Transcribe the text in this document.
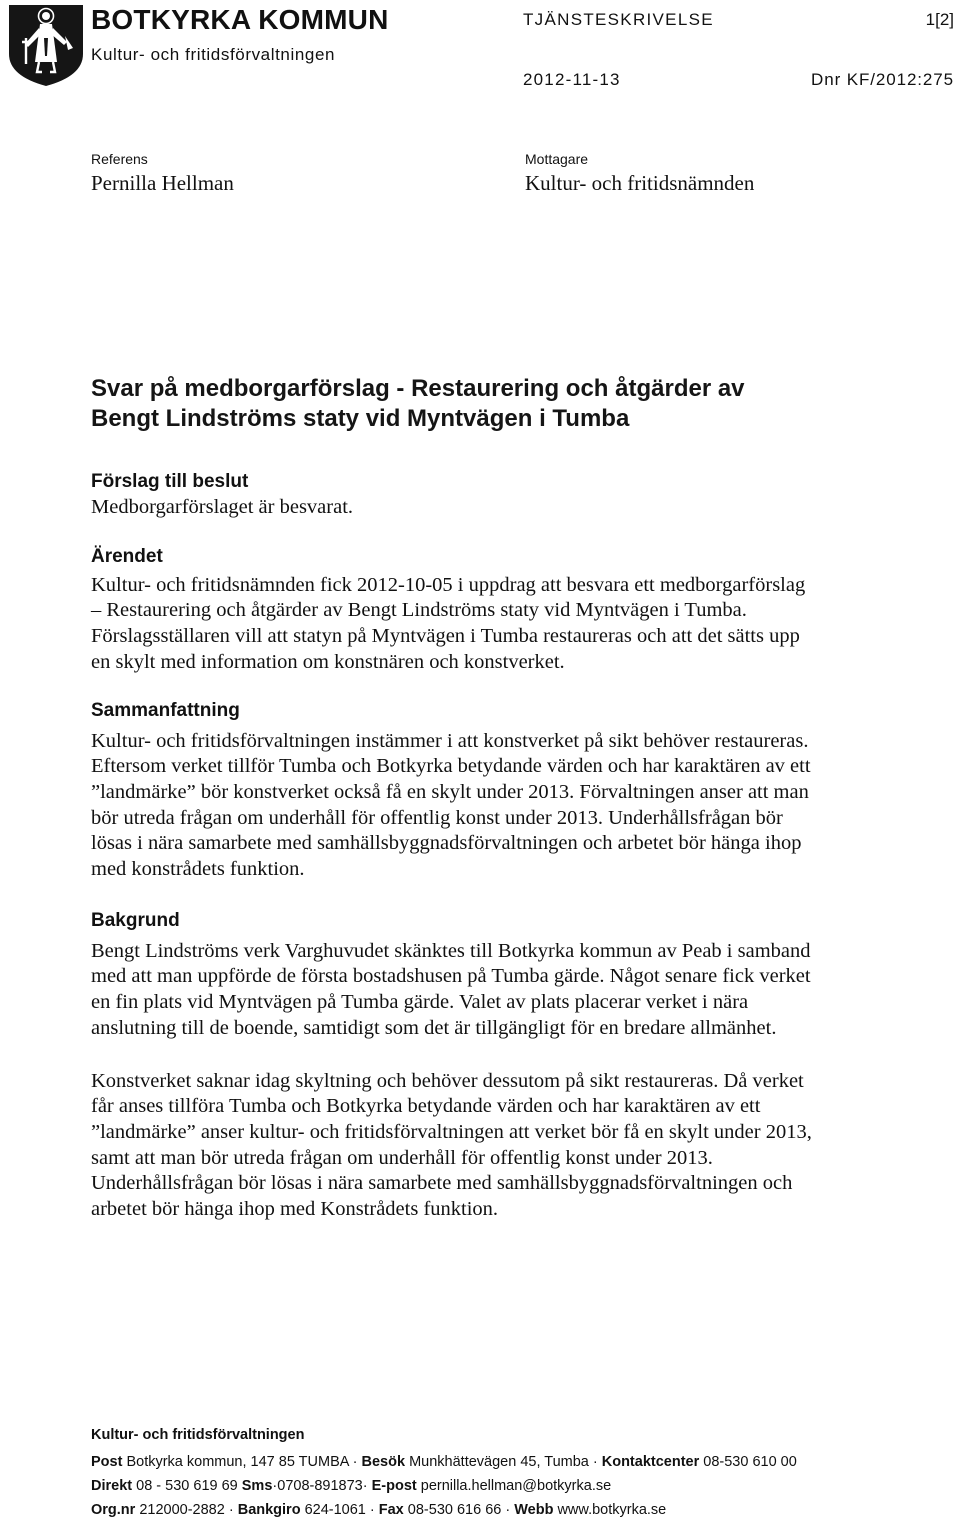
BOTKYRKA KOMMUN
Kultur- och fritidsförvaltningen
TJÄNSTESKRIVELSE	1[2]
2012-11-13	Dnr KF/2012:275
Referens
Pernilla Hellman
Mottagare
Kultur- och fritidsnämnden
Svar på medborgarförslag - Restaurering och åtgärder av
Bengt Lindströms staty vid Myntvägen i Tumba
Förslag till beslut

Medborgarförslaget är besvarat.

Ärendet

Kultur- och fritidsnämnden fick 2012-10-05 i uppdrag att besvara ett medborgarförslag – Restaurering och åtgärder av Bengt Lindströms staty vid Myntvägen i Tumba. Förslagsställaren vill att statyn på Myntvägen i Tumba restaureras och att det sätts upp en skylt med information om konstnären och konstverket.

Sammanfattning

Kultur- och fritidsförvaltningen instämmer i att konstverket på sikt behöver restaureras. Eftersom verket tillför Tumba och Botkyrka betydande värden och har karaktären av ett ”landmärke” bör konstverket också få en skylt under 2013. Förvaltningen anser att man bör utreda frågan om underhåll för offentlig konst under 2013. Underhållsfrågan bör lösas i nära samarbete med samhällsbyggnadsförvaltningen och arbetet bör hänga ihop med konstrådets funktion.

Bakgrund

Bengt Lindströms verk Varghuvudet skänktes till Botkyrka kommun av Peab i samband med att man uppförde de första bostadshusen på Tumba gärde. Något senare fick verket en fin plats vid Myntvägen på Tumba gärde. Valet av plats placerar verket i nära anslutning till de boende, samtidigt som det är tillgängligt för en bredare allmänhet.

Konstverket saknar idag skyltning och behöver dessutom på sikt restaureras. Då verket får anses tillföra Tumba och Botkyrka betydande värden och har karaktären av ett ”landmärke” anser kultur- och fritidsförvaltningen att verket bör få en skylt under 2013, samt att man bör utreda frågan om underhåll för offentlig konst under 2013. Underhållsfrågan bör lösas i nära samarbete med samhällsbyggnadsförvaltningen och arbetet bör hänga ihop med Konstrådets funktion.

Kultur- och fritidsförvaltningen
Post Botkyrka kommun, 147 85 TUMBA · Besök Munkhättevägen 45, Tumba · Kontaktcenter 08-530 610 00
Direkt 08 - 530 619 69 Sms·0708-891873· E-post pernilla.hellman@botkyrka.se
Org.nr 212000-2882 · Bankgiro 624-1061 · Fax 08-530 616 66 · Webb www.botkyrka.se
